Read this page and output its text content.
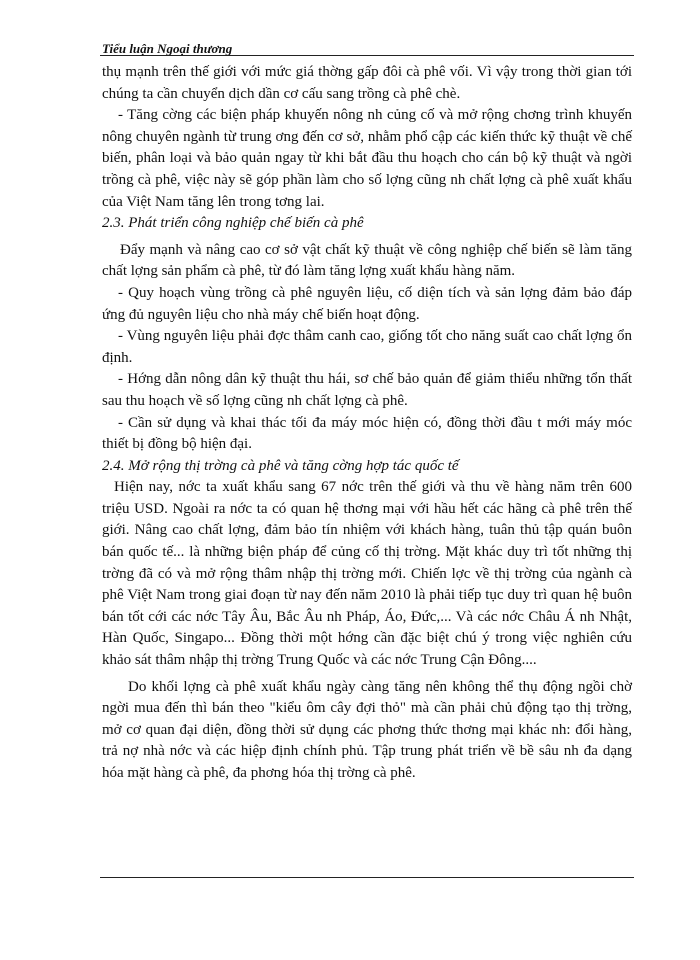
Tiểu luận Ngoại thương

thụ mạnh trên thế giới với mức giá thờng gấp đôi cà phê vối. Vì vậy trong thời gian tới chúng ta cần chuyển dịch dần cơ cấu sang trồng cà phê chè.

- Tăng cờng các biện pháp khuyến nông nh củng cố và mở rộng chơng trình khuyến nông chuyên ngành từ trung ơng đến cơ sở, nhằm phổ cập các kiến thức kỹ thuật về chế biến, phân loại và bảo quản ngay từ khi bắt đầu thu hoạch cho cán bộ kỹ thuật và ngời trồng cà phê, việc này sẽ góp phần làm cho số lợng cũng nh chất lợng cà phê xuất khẩu của Việt Nam tăng lên trong tơng lai.

2.3. Phát triển công nghiệp chế biến cà phê

Đẩy mạnh và nâng cao cơ sở vật chất kỹ thuật về công nghiệp chế biến sẽ làm tăng chất lợng sản phẩm cà phê, từ đó làm tăng lợng xuất khẩu hàng năm.

- Quy hoạch vùng trồng cà phê nguyên liệu, cố diện tích và sản lợng đảm bảo đáp ứng đủ nguyên liệu cho nhà máy chế biến hoạt động.

- Vùng nguyên liệu phải đợc thâm canh cao, giống tốt cho năng suất cao chất lợng ổn định.

- Hớng dẫn nông dân kỹ thuật thu hái, sơ chế bảo quản để giảm thiểu những tổn thất sau thu hoạch về số lợng cũng nh chất lợng cà phê.

- Cần sử dụng và khai thác tối đa máy móc hiện có, đồng thời đầu t mới máy móc thiết bị đồng bộ hiện đại.

2.4. Mở rộng thị trờng cà phê và tăng cờng hợp tác quốc tế

Hiện nay, nớc ta xuất khẩu sang 67 nớc trên thế giới và thu về hàng năm trên 600 triệu USD. Ngoài ra nớc ta có quan hệ thơng mại với hầu hết các hãng cà phê trên thế giới. Nâng cao chất lợng, đảm bảo tín nhiệm với khách hàng, tuân thủ tập quán buôn bán quốc tế... là những biện pháp để củng cố thị trờng. Mặt khác duy trì tốt những thị trờng đã có và mở rộng thâm nhập thị trờng mới. Chiến lợc về thị trờng của ngành cà phê Việt Nam trong giai đoạn từ nay đến năm 2010 là phải tiếp tục duy trì quan hệ buôn bán tốt cới các nớc Tây Âu, Bắc Âu nh Pháp, Áo, Đức,... Và các nớc Châu Á nh Nhật, Hàn Quốc, Singapo... Đồng thời một hớng cần đặc biệt chú ý trong việc nghiên cứu khảo sát thâm nhập thị trờng Trung Quốc và các nớc Trung Cận Đông....

Do khối lợng cà phê xuất khẩu ngày càng tăng nên không thể thụ động ngồi chờ ngời mua đến thì bán theo "kiểu ôm cây đợi thỏ" mà cần phải chủ động tạo thị trờng, mở cơ quan đại diện, đồng thời sử dụng các phơng thức thơng mại khác nh: đổi hàng, trả nợ nhà nớc và các hiệp định chính phủ. Tập trung phát triển về bề sâu nh đa dạng hóa mặt hàng cà phê, đa phơng hóa thị trờng cà phê.
